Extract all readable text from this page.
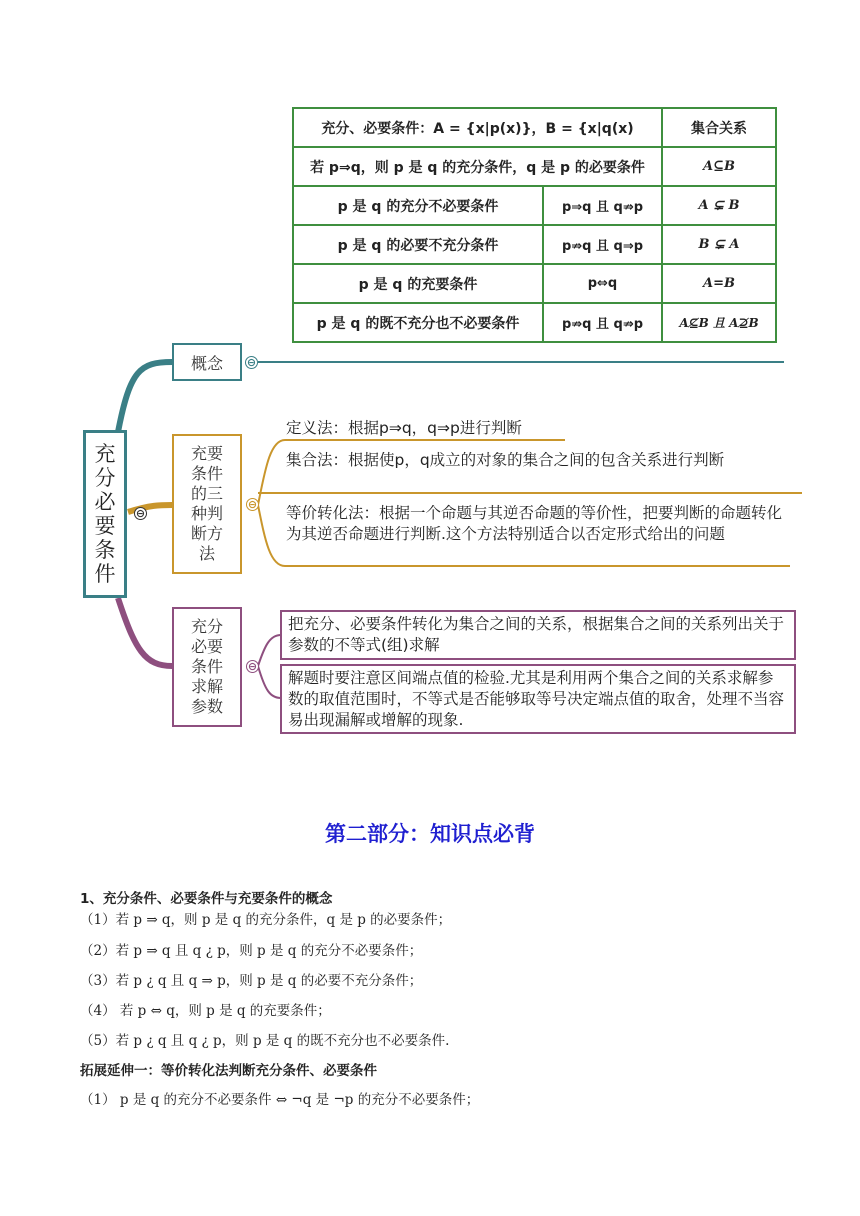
充分、必要条件：A = {x|p(x)}，B = {x|q(x)		集合关系
若 p⇒q，则 p 是 q 的充分条件，q 是 p 的必要条件		A⊆B
p 是 q 的充分不必要条件	p⇒q 且 q⇏p	A ⊊ B
p 是 q 的必要不充分条件	p⇏q 且 q⇒p	B ⊊ A
p 是 q 的充要条件	p⇔q	A=B
p 是 q 的既不充分也不必要条件	p⇏q 且 q⇏p	A⊈B 且 A⊉B
充分必要条件
⊖
概念 ⊖
充要条件的三种判断方法
⊖
定义法：根据p⇒q，q⇒p进行判断
集合法：根据使p，q成立的对象的集合之间的包含关系进行判断
等价转化法：根据一个命题与其逆否命题的等价性，把要判断的命题转化为其逆否命题进行判断.这个方法特别适合以否定形式给出的问题
充分必要条件求解参数
⊖
把充分、必要条件转化为集合之间的关系，根据集合之间的关系列出关于参数的不等式(组)求解
解题时要注意区间端点值的检验.尤其是利用两个集合之间的关系求解参数的取值范围时，不等式是否能够取等号决定端点值的取舍，处理不当容易出现漏解或增解的现象.
第二部分：知识点必背
1、充分条件、必要条件与充要条件的概念
（1）若 p ⇒ q，则 p 是 q 的充分条件，q 是 p 的必要条件；
（2）若 p ⇒ q 且 q ¿ p，则 p 是 q 的充分不必要条件；
（3）若 p ¿ q 且 q ⇒ p，则 p 是 q 的必要不充分条件；
（4） 若 p ⇔ q，则 p 是 q 的充要条件；
（5）若 p ¿ q 且 q ¿ p，则 p 是 q 的既不充分也不必要条件.
拓展延伸一：等价转化法判断充分条件、必要条件
（1） p 是 q 的充分不必要条件 ⇔ ¬q 是 ¬p 的充分不必要条件；
